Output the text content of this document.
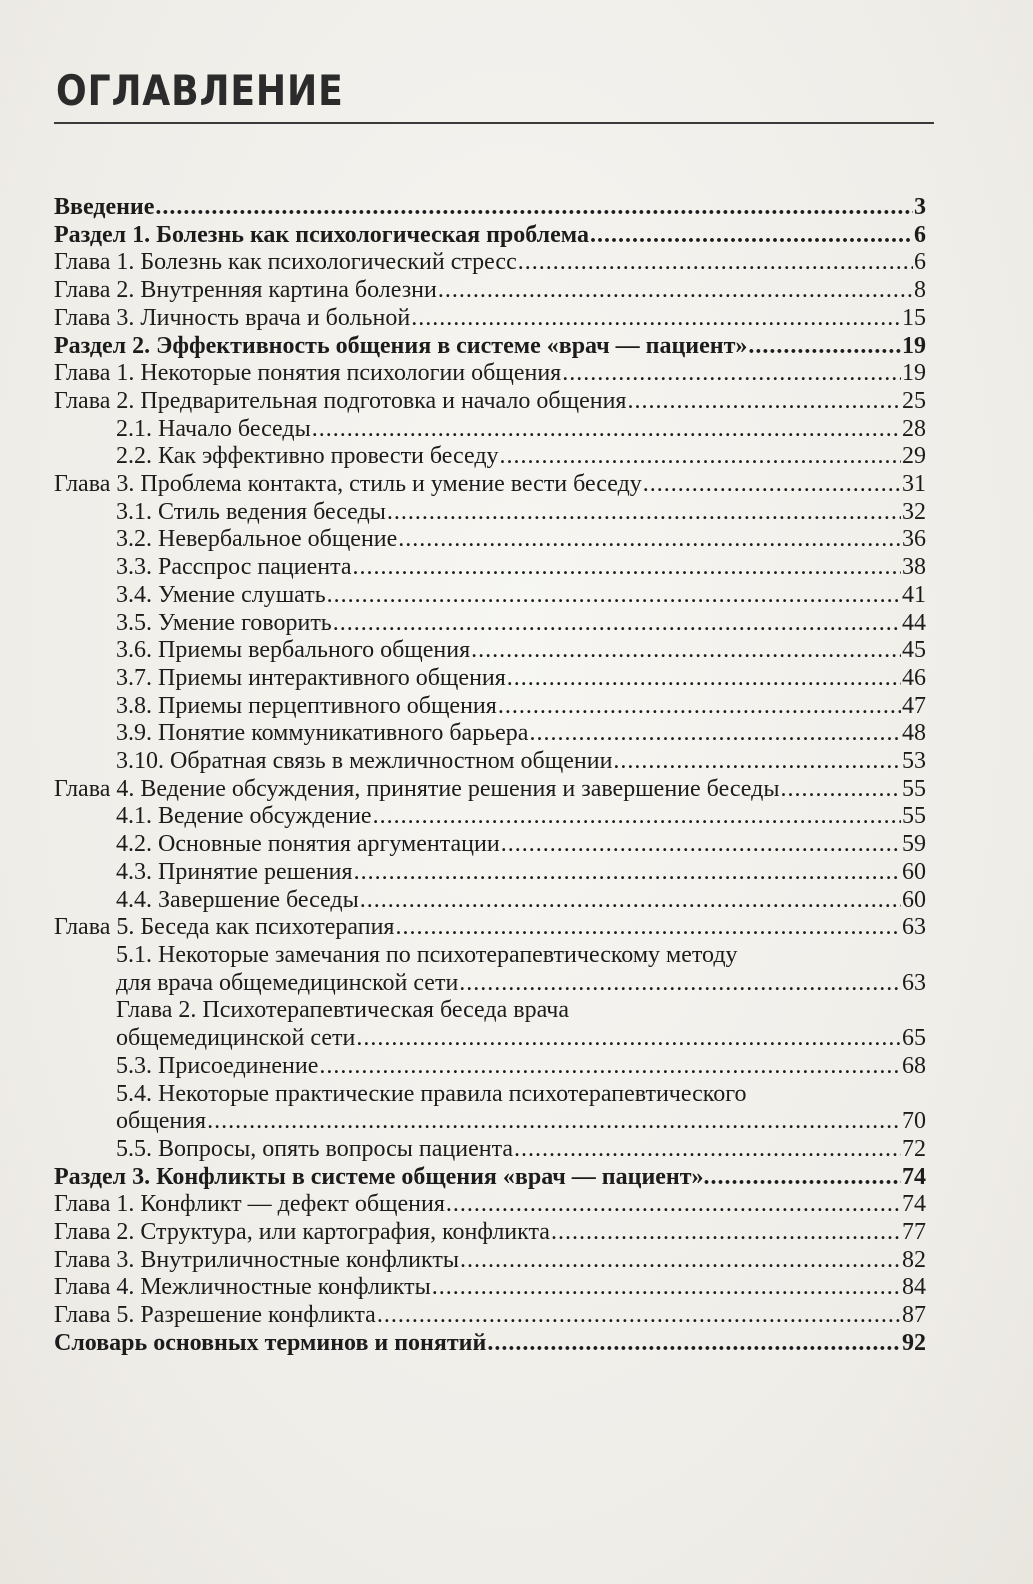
ОГЛАВЛЕНИЕ
Введение .....	3
Раздел 1. Болезнь как психологическая проблема .....	6
Глава 1. Болезнь как психологический стресс .....	6
Глава 2. Внутренняя картина болезни .....	8
Глава 3. Личность врача и больной .....	15
Раздел 2. Эффективность общения в системе «врач — пациент» .....	19
Глава 1. Некоторые понятия психологии общения .....	19
Глава 2. Предварительная подготовка и начало общения .....	25
2.1. Начало беседы .....	28
2.2. Как эффективно провести беседу .....	29
Глава 3. Проблема контакта, стиль и умение вести беседу .....	31
3.1. Стиль ведения беседы .....	32
3.2. Невербальное общение .....	36
3.3. Расспрос пациента .....	38
3.4. Умение слушать .....	41
3.5. Умение говорить .....	44
3.6. Приемы вербального общения .....	45
3.7. Приемы интерактивного общения .....	46
3.8. Приемы перцептивного общения .....	47
3.9. Понятие коммуникативного барьера .....	48
3.10. Обратная связь в межличностном общении .....	53
Глава 4. Ведение обсуждения, принятие решения и завершение беседы .....	55
4.1. Ведение обсуждение .....	55
4.2. Основные понятия аргументации .....	59
4.3. Принятие решения .....	60
4.4. Завершение беседы .....	60
Глава 5. Беседа как психотерапия .....	63
5.1. Некоторые замечания по психотерапевтическому методу
для врача общемедицинской сети .....	63
Глава 2. Психотерапевтическая беседа врача
общемедицинской сети .....	65
5.3. Присоединение .....	68
5.4. Некоторые практические правила психотерапевтического
общения .....	70
5.5. Вопросы, опять вопросы пациента .....	72
Раздел 3. Конфликты в системе общения «врач — пациент». .....	74
Глава 1. Конфликт — дефект общения .....	74
Глава 2. Структура, или картография, конфликта .....	77
Глава 3. Внутриличностные конфликты .....	82
Глава 4. Межличностные конфликты .....	84
Глава 5. Разрешение конфликта .....	87
Словарь основных терминов и понятий .....	92
